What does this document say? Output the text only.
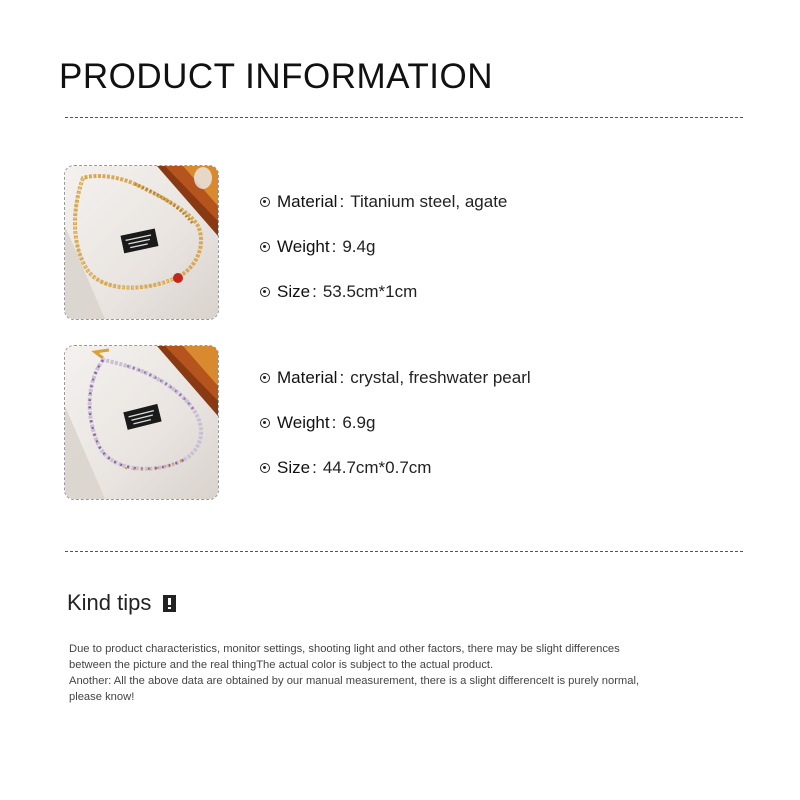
PRODUCT INFORMATION
Material : Titanium steel, agate
Weight : 9.4g
Size : 53.5cm*1cm
Material : crystal, freshwater pearl
Weight : 6.9g
Size : 44.7cm*0.7cm
Kind tips

Due to product characteristics, monitor settings, shooting light and other factors, there may be slight differences between the picture and the real thingThe actual color is subject to the actual product.

Another: All the above data are obtained by our manual measurement, there is a slight differenceIt is purely normal, please know!
